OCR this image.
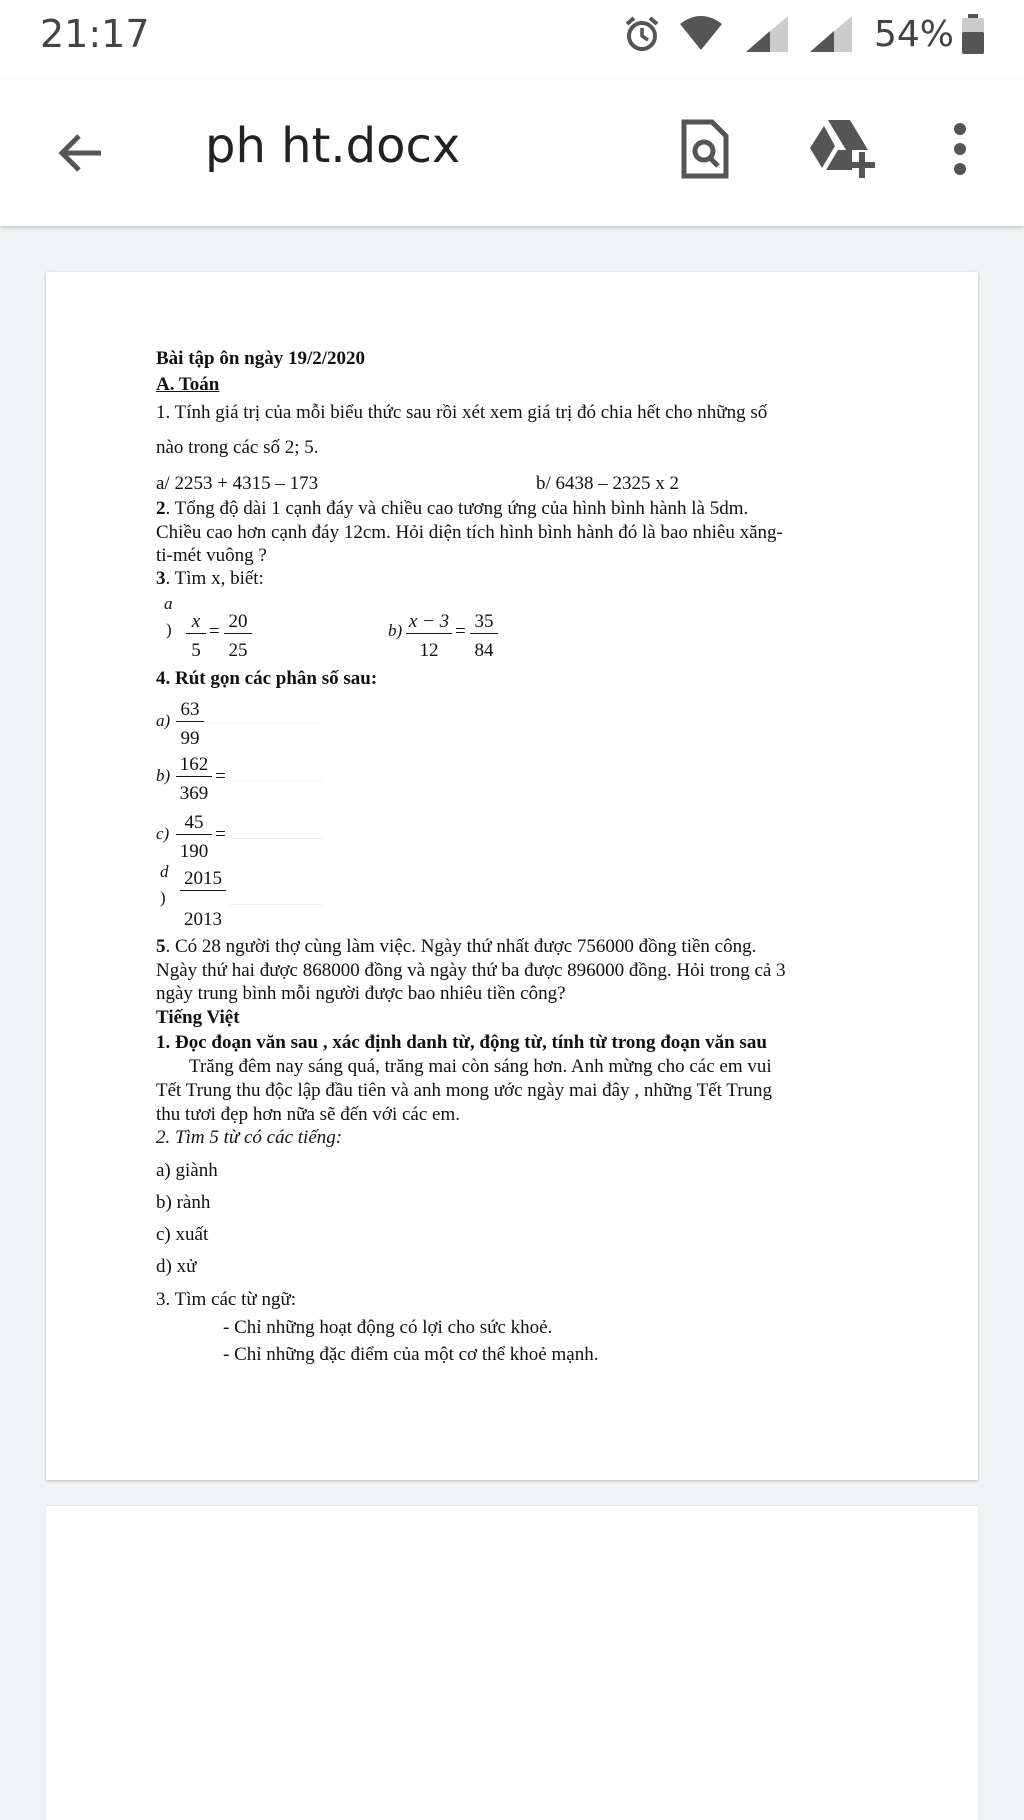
21:17	54%
ph ht.docx
Bài tập ôn ngày 19/2/2020
A. Toán
1. Tính giá trị của mỗi biểu thức sau rồi xét xem giá trị đó chia hết cho những số
nào trong các số 2; 5.
a/ 2253 + 4315 – 173	b/ 6438 – 2325 x 2
2. Tổng độ dài 1 cạnh đáy và chiều cao tương ứng của hình bình hành là 5dm.
Chiều cao hơn cạnh đáy 12cm. Hỏi diện tích hình bình hành đó là bao nhiêu xăng-
ti-mét vuông ?
3. Tìm x, biết:
a
) $\frac{x}{5} = \frac{20}{25}$	$b) \frac{x - 3}{12} = \frac{35}{84}$
4. Rút gọn các phân số sau:
$a) \frac{63}{99}$
$b) \frac{162}{369}$ =
$c) \frac{45}{190}$ =
d
) $\frac{2015}{2013}$
5. Có 28 người thợ cùng làm việc. Ngày thứ nhất được 756000 đồng tiền công.
Ngày thứ hai được 868000 đồng và ngày thứ ba được 896000 đồng. Hỏi trong cả 3
ngày trung bình mỗi người được bao nhiêu tiền công?
Tiếng Việt
1. Đọc đoạn văn sau , xác định danh từ, động từ, tính từ trong đoạn văn sau
Trăng đêm nay sáng quá, trăng mai còn sáng hơn. Anh mừng cho các em vui
Tết Trung thu độc lập đầu tiên và anh mong ước ngày mai đây , những Tết Trung
thu tươi đẹp hơn nữa sẽ đến với các em.
2. Tìm 5 từ có các tiếng:
a) giành
b) rành
c) xuất
d) xử
3. Tìm các từ ngữ:
- Chỉ những hoạt động có lợi cho sức khoẻ.
- Chỉ những đặc điểm của một cơ thể khoẻ mạnh.
